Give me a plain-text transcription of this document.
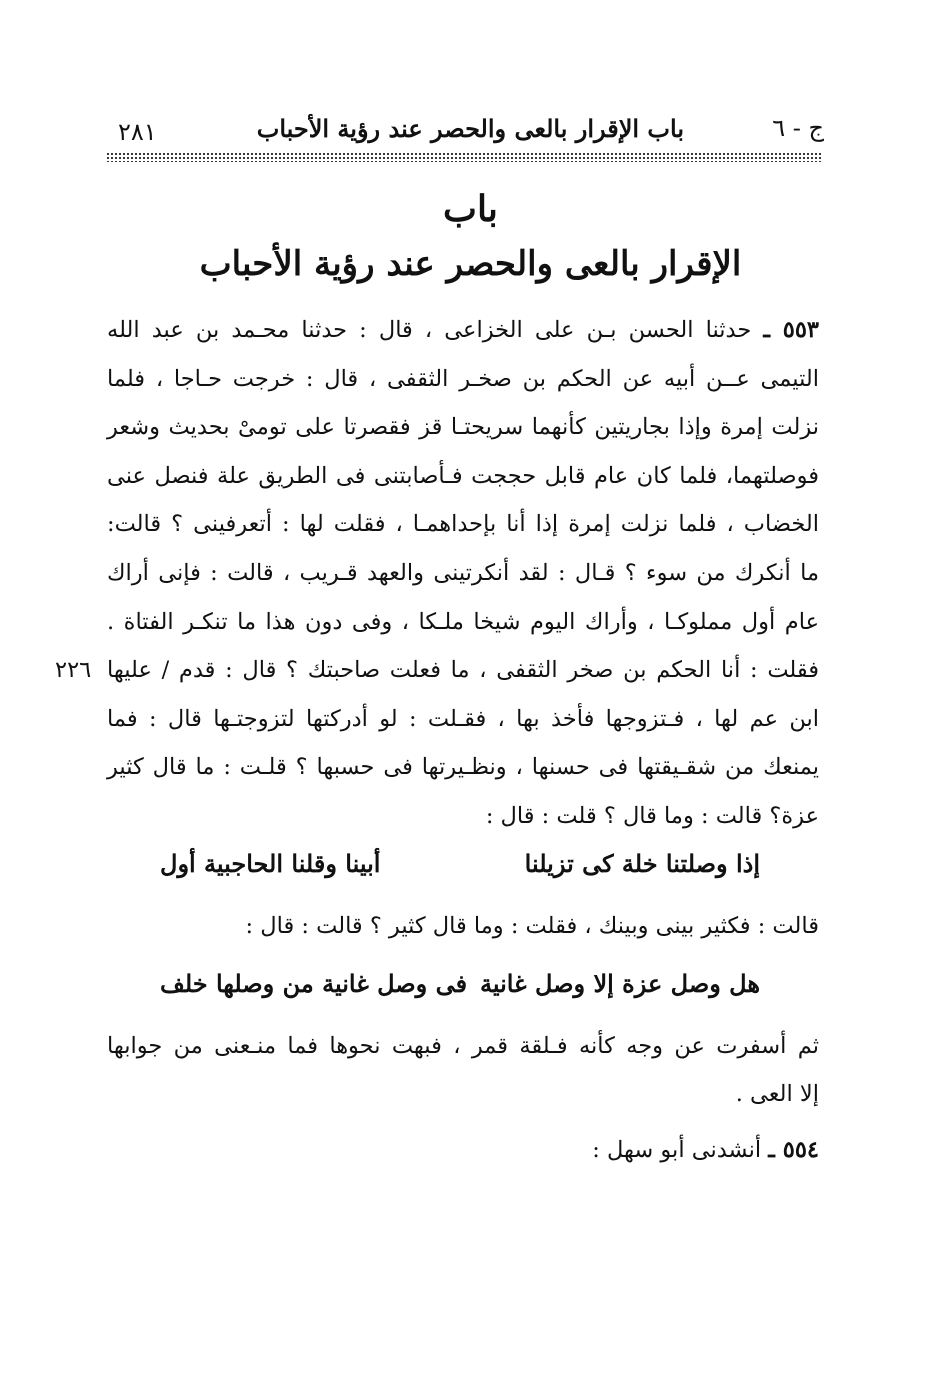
ج - ٦
باب الإقرار بالعى والحصر عند رؤية الأحباب
٢٨١
باب
الإقرار بالعى والحصر عند رؤية الأحباب
٥٥٣ ـ حدثنا الحسن بـن على الخزاعى ، قال : حدثنا محـمد بن عبد الله
التيمى عــن أبيه عن الحكم بن صخـر الثقفى ، قال : خرجت حـاجا ، فلما
نزلت إمرة وإذا بجاريتين كأنهما سريحتـا قز فقصرتا على تومىْ بحديث وشعر
فوصلتهما، فلما كان عام قابل حججت فـأصابتنى فى الطريق علة فنصل عنى
الخضاب ، فلما نزلت إمرة إذا أنا بإحداهمـا ، فقلت لها : أتعرفينى ؟ قالت:
ما أنكرك من سوء ؟ قـال : لقد أنكرتينى والعهد قـريب ، قالت : فإنى أراك
عام أول مملوكـا ، وأراك اليوم شيخا ملـكا ، وفى دون هذا ما تنكـر الفتاة .
فقلت : أنا الحكم بن صخر الثقفى ، ما فعلت صاحبتك ؟ قال : قدم / عليها
٢٢٦
ابن عم لها ، فـتزوجها فأخذ بها ، فقـلت : لو أدركتها لتزوجتـها قال : فما
يمنعك من شقـيقتها فى حسنها ، ونظـيرتها فى حسبها ؟ قلـت : ما قال كثير
عزة؟ قالت : وما قال ؟ قلت : قال :
إذا وصلتنا خلة كى تزيلنا
أبينا وقلنا الحاجبية أول
قالت : فكثير بينى وبينك ، فقلت : وما قال كثير ؟ قالت : قال :
هل وصل عزة إلا وصل غانية
فى وصل غانية من وصلها خلف
ثم أسفرت عن وجه كأنه فـلقة قمر ، فبهت نحوها فما منـعنى من جوابها
إلا العى .
٥٥٤ ـ أنشدنى أبو سهل :
